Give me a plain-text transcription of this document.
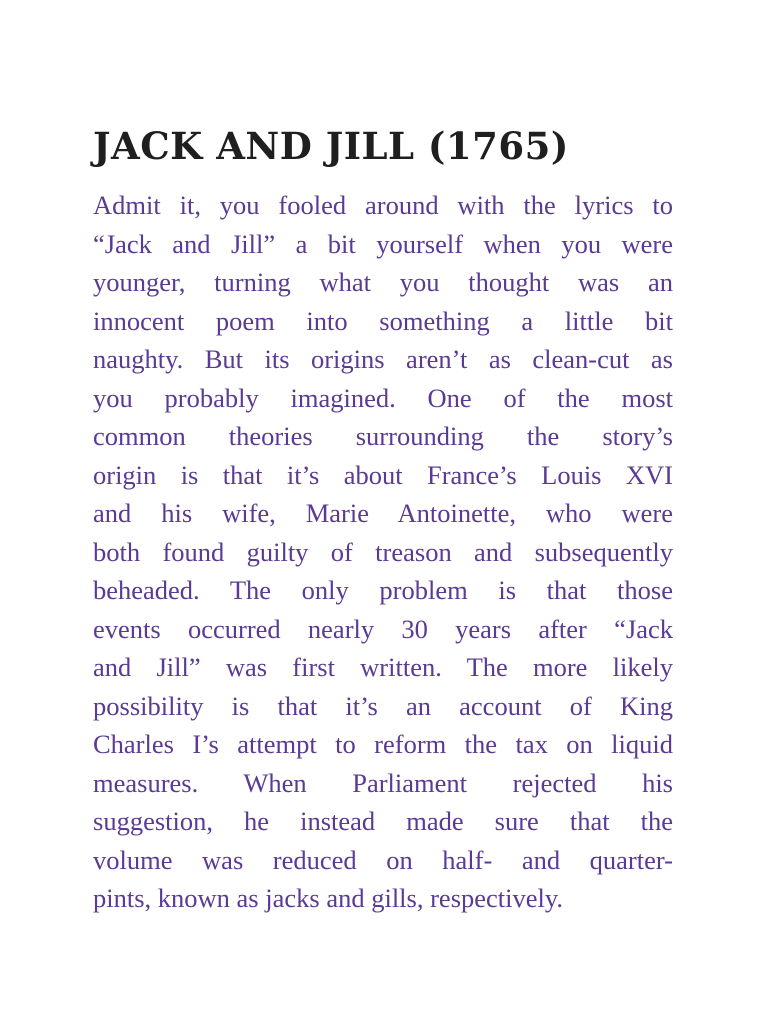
JACK AND JILL (1765)
Admit it, you fooled around with the lyrics to
“Jack and Jill” a bit yourself when you were
younger, turning what you thought was an
innocent poem into something a little bit
naughty. But its origins aren’t as clean-cut as
you probably imagined. One of the most
common theories surrounding the story’s
origin is that it’s about France’s Louis XVI
and his wife, Marie Antoinette, who were
both found guilty of treason and subsequently
beheaded. The only problem is that those
events occurred nearly 30 years after “Jack
and Jill” was first written. The more likely
possibility is that it’s an account of King
Charles I’s attempt to reform the tax on liquid
measures. When Parliament rejected his
suggestion, he instead made sure that the
volume was reduced on half- and quarter-
pints, known as jacks and gills, respectively.
